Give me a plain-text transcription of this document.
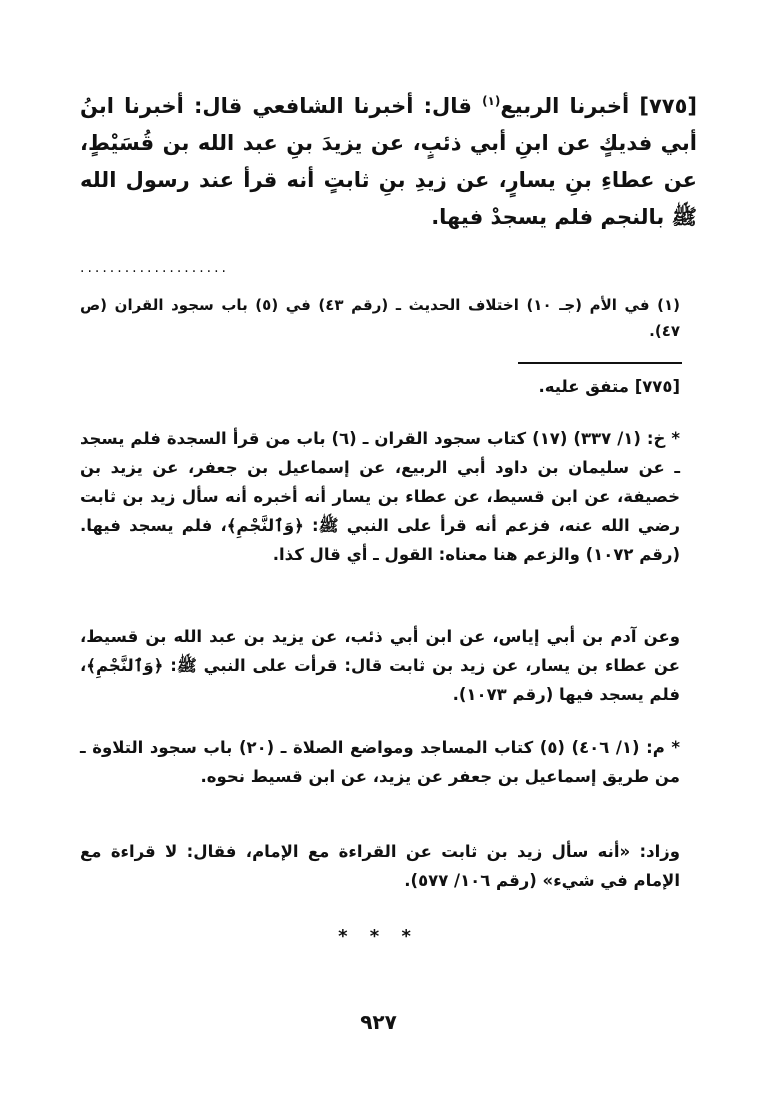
[٧٧٥] أخبرنا الربيع$^{(١)}$ قال: أخبرنا الشافعي قال: أخبرنا ابنُ أبي فديكٍ عن ابنِ أبي ذئبٍ، عن يزيدَ بنِ عبد الله بن قُسَيْطٍ، عن عطاءِ بنِ يسارٍ، عن زيدِ بنِ ثابتٍ أنه قرأ عند رسول الله ﷺ بالنجم فلم يسجدْ فيها.
....................
(١) في الأم (جـ ١٠) اختلاف الحديث ـ (رقم ٤٣) في (٥) باب سجود القران (ص ٤٧).
[٧٧٥] متفق عليه.
* خ: (١/ ٣٣٧) (١٧) كتاب سجود القران ـ (٦) باب من قرأ السجدة فلم يسجد ـ عن سليمان بن داود أبي الربيع، عن إسماعيل بن جعفر، عن يزيد بن خصيفة، عن ابن قسيط، عن عطاء بن يسار أنه أخبره أنه سأل زيد بن ثابت رضي الله عنه، فزعم أنه قرأ على النبي ﷺ: ﴿وَٱلنَّجْمِ﴾، فلم يسجد فيها. (رقم ١٠٧٢) والزعم هنا معناه: القول ـ أي قال كذا.
وعن آدم بن أبي إياس، عن ابن أبي ذئب، عن يزيد بن عبد الله بن قسيط، عن عطاء بن يسار، عن زيد بن ثابت قال: قرأت على النبي ﷺ: ﴿وَٱلنَّجْمِ﴾، فلم يسجد فيها (رقم ١٠٧٣).
* م: (١/ ٤٠٦) (٥) كتاب المساجد ومواضع الصلاة ـ (٢٠) باب سجود التلاوة ـ من طريق إسماعيل بن جعفر عن يزيد، عن ابن قسيط نحوه.
وزاد: «أنه سأل زيد بن ثابت عن القراءة مع الإمام، فقال: لا قراءة مع الإمام في شيء» (رقم ١٠٦/ ٥٧٧).
* * *
٩٢٧
